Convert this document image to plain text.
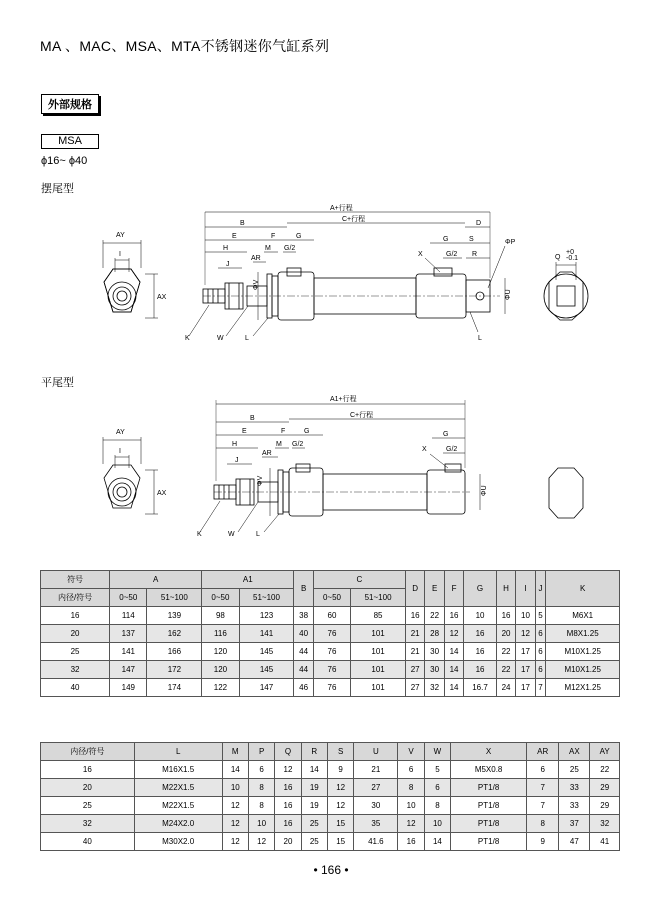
MA 、MAC、MSA、MTA不锈钢迷你气缸系列
外部规格
MSA
ϕ16~ ϕ40
摆尾型
平尾型
A+行程
C+行程
B	D
E	F	G
H	M G/2
J
AR
G	S
G/2 R
X
ΦP
K	W	L	L
AY
I
AX
Q
+0
-0.1
A1+行程
C+行程
B
E	F	G
H	M G/2
J
AR
G
G/2
X
K	W	L
AY
I
AX
ΦV
ΦU
ΦV
ΦU
符号	A		A1		B	C		D	E	F	G	H	I	J	K
内径/符号	0~50	51~100	0~50	51~100		0~50	51~100								
16	114	139	98	123	38	60	85	16	22	16	10	16	10	5	M6X1
20	137	162	116	141	40	76	101	21	28	12	16	20	12	6	M8X1.25
25	141	166	120	145	44	76	101	21	30	14	16	22	17	6	M10X1.25
32	147	172	120	145	44	76	101	27	30	14	16	22	17	6	M10X1.25
40	149	174	122	147	46	76	101	27	32	14	16.7	24	17	7	M12X1.25
内径/符号	L	M	P	Q	R	S	U	V	W	X	AR	AX	AY
16	M16X1.5	14	6	12	14	9	21	6	5	M5X0.8	6	25	22
20	M22X1.5	10	8	16	19	12	27	8	6	PT1/8	7	33	29
25	M22X1.5	12	8	16	19	12	30	10	8	PT1/8	7	33	29
32	M24X2.0	12	10	16	25	15	35	12	10	PT1/8	8	37	32
40	M30X2.0	12	12	20	25	15	41.6	16	14	PT1/8	9	47	41
• 166 •
